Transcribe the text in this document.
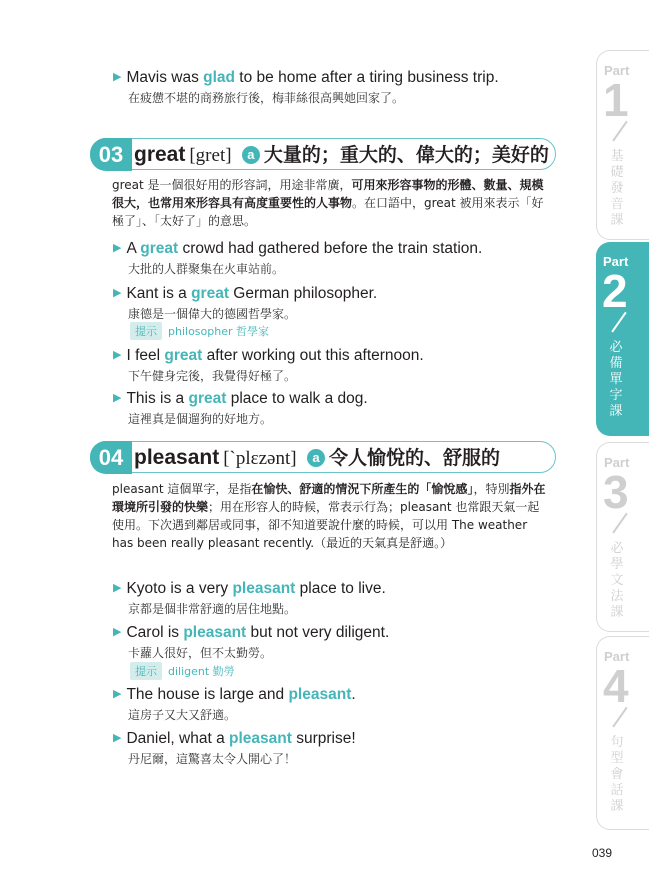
▶ Mavis was glad to be home after a tiring business trip.
在疲憊不堪的商務旅行後，梅菲絲很高興她回家了。
03 great [gret] a 大量的；重大的、偉大的；美好的
great 是一個很好用的形容詞，用途非常廣，可用來形容事物的形體、數量、規模很大，也常用來形容具有高度重要性的人事物。在口語中，great 被用來表示「好極了」、「太好了」的意思。
▶ A great crowd had gathered before the train station.
大批的人群聚集在火車站前。
▶ Kant is a great German philosopher.
康德是一個偉大的德國哲學家。
提示 philosopher 哲學家
▶ I feel great after working out this afternoon.
下午健身完後，我覺得好極了。
▶ This is a great place to walk a dog.
這裡真是個遛狗的好地方。
04 pleasant [`plɛzənt] a 令人愉悅的、舒服的
pleasant 這個單字，是指在愉快、舒適的情況下所產生的「愉悅感」，特別指外在環境所引發的快樂；用在形容人的時候，常表示行為；pleasant 也常跟天氣一起使用。下次遇到鄰居或同事，卻不知道要說什麼的時候，可以用 The weather has been really pleasant recently.（最近的天氣真是舒適。）
▶ Kyoto is a very pleasant place to live.
京都是個非常舒適的居住地點。
▶ Carol is pleasant but not very diligent.
卡蘿人很好，但不太勤勞。
提示 diligent 勤勞
▶ The house is large and pleasant.
這房子又大又舒適。
▶ Daniel, what a pleasant surprise!
丹尼爾，這驚喜太令人開心了！
039
Part
1
基礎發音課
Part
2
必備單字課
Part
3
必學文法課
Part
4
句型會話課
